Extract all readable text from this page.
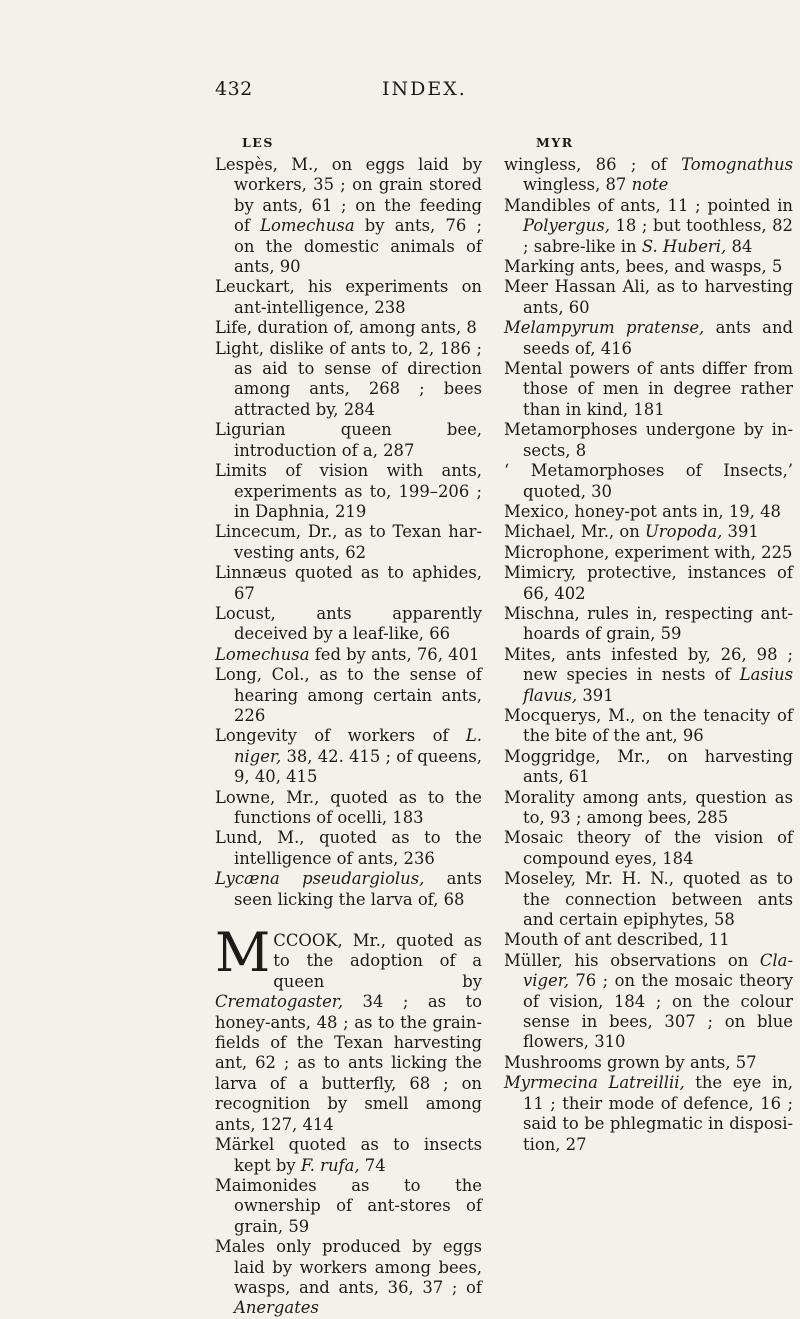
432	INDEX.
LES	MYR

Lespès, M., on eggs laid by workers, 35 ; on grain stored by ants, 61 ; on the feeding of Lomechusa by ants, 76 ; on the domestic animals of ants, 90

Leuckart, his experiments on ant-intelligence, 238

Life, duration of, among ants, 8

Light, dislike of ants to, 2, 186 ; as aid to sense of direction among ants, 268 ; bees attracted by, 284

Ligurian queen bee, introduction of a, 287

Limits of vision with ants, experiments as to, 199–206 ; in Daphnia, 219

Lincecum, Dr., as to Texan harvesting ants, 62

Linnæus quoted as to aphides, 67

Locust, ants apparently deceived by a leaf-like, 66

Lomechusa fed by ants, 76, 401

Long, Col., as to the sense of hearing among certain ants, 226

Longevity of workers of L. niger, 38, 42. 415 ; of queens, 9, 40, 415

Lowne, Mr., quoted as to the functions of ocelli, 183

Lund, M., quoted as to the intelligence of ants, 236

Lycæna pseudargiolus, ants seen licking the larva of, 68

MCCOOK, Mr., quoted as to the adoption of a queen by Crematogaster, 34 ; as to honey-ants, 48 ; as to the grain-fields of the Texan harvesting ant, 62 ; as to ants licking the larva of a butterfly, 68 ; on recognition by smell among ants, 127, 414

Märkel quoted as to insects kept by F. rufa, 74

Maimonides as to the ownership of ant-stores of grain, 59

Males only produced by eggs laid by workers among bees, wasps, and ants, 36, 37 ; of Anergates

wingless, 86 ; of Tomognathus wingless, 87 note

Mandibles of ants, 11 ; pointed in Polyergus, 18 ; but toothless, 82 ; sabre-like in S. Huberi, 84

Marking ants, bees, and wasps, 5

Meer Hassan Ali, as to harvesting ants, 60

Melampyrum pratense, ants and seeds of, 416

Mental powers of ants differ from those of men in degree rather than in kind, 181

Metamorphoses undergone by insects, 8

‘ Metamorphoses of Insects,’ quoted, 30

Mexico, honey-pot ants in, 19, 48

Michael, Mr., on Uropoda, 391

Microphone, experiment with, 225

Mimicry, protective, instances of 66, 402

Mischna, rules in, respecting ant-hoards of grain, 59

Mites, ants infested by, 26, 98 ; new species in nests of Lasius flavus, 391

Mocquerys, M., on the tenacity of the bite of the ant, 96

Moggridge, Mr., on harvesting ants, 61

Morality among ants, question as to, 93 ; among bees, 285

Mosaic theory of the vision of compound eyes, 184

Moseley, Mr. H. N., quoted as to the connection between ants and certain epiphytes, 58

Mouth of ant described, 11

Müller, his observations on Claviger, 76 ; on the mosaic theory of vision, 184 ; on the colour sense in bees, 307 ; on blue flowers, 310

Mushrooms grown by ants, 57

Myrmecina Latreillii, the eye in, 11 ; their mode of defence, 16 ; said to be phlegmatic in disposition, 27
